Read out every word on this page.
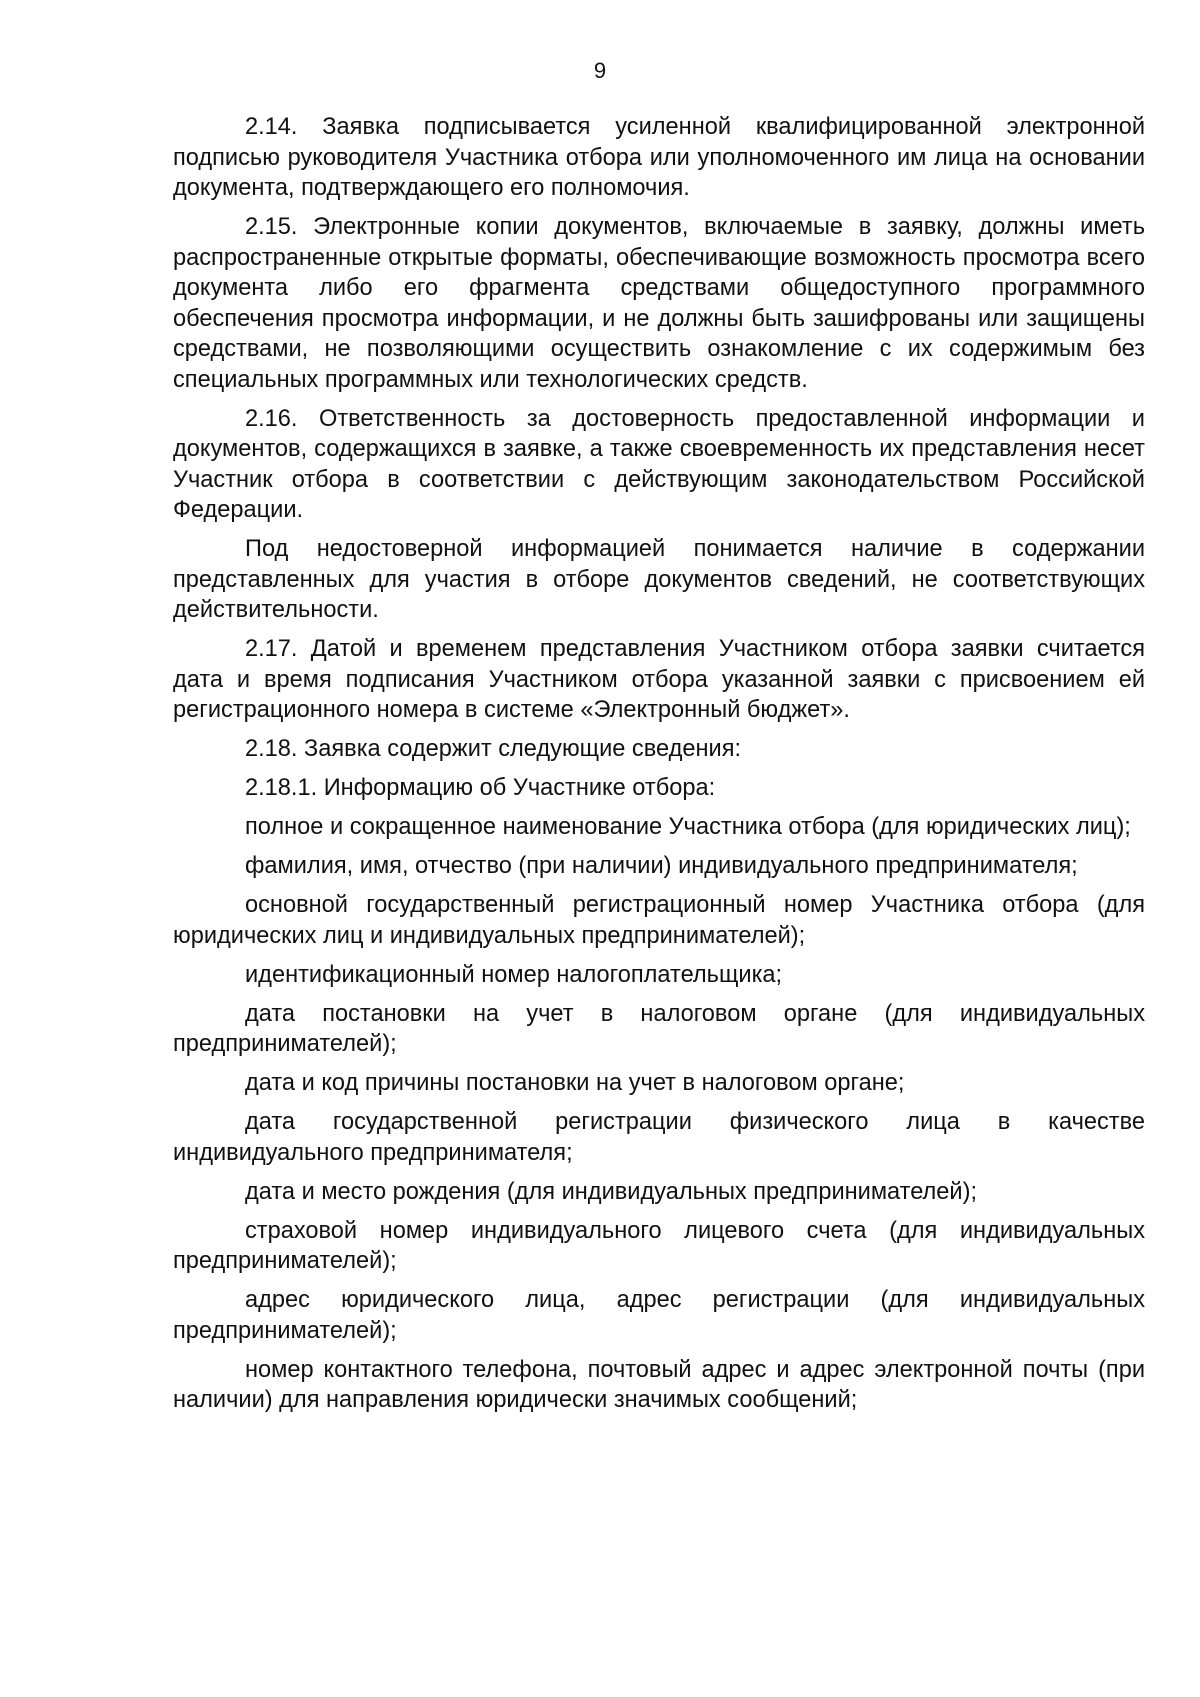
9

2.14. Заявка подписывается усиленной квалифицированной электронной подписью руководителя Участника отбора или уполномоченного им лица на основании документа, подтверждающего его полномочия.

2.15. Электронные копии документов, включаемые в заявку, должны иметь распространенные открытые форматы, обеспечивающие возможность просмотра всего документа либо его фрагмента средствами общедоступного программного обеспечения просмотра информации, и не должны быть зашифрованы или защищены средствами, не позволяющими осуществить ознакомление с их содержимым без специальных программных или технологических средств.

2.16. Ответственность за достоверность предоставленной информации и документов, содержащихся в заявке, а также своевременность их представления несет Участник отбора в соответствии с действующим законодательством Российской Федерации.

Под недостоверной информацией понимается наличие в содержании представленных для участия в отборе документов сведений, не соответствующих действительности.

2.17. Датой и временем представления Участником отбора заявки считается дата и время подписания Участником отбора указанной заявки с присвоением ей регистрационного номера в системе «Электронный бюджет».

2.18. Заявка содержит следующие сведения:

2.18.1. Информацию об Участнике отбора:

полное и сокращенное наименование Участника отбора (для юридических лиц);

фамилия, имя, отчество (при наличии) индивидуального предпринимателя;

основной государственный регистрационный номер Участника отбора (для юридических лиц и индивидуальных предпринимателей);

идентификационный номер налогоплательщика;

дата постановки на учет в налоговом органе (для индивидуальных предпринимателей);

дата и код причины постановки на учет в налоговом органе;

дата государственной регистрации физического лица в качестве индивидуального предпринимателя;

дата и место рождения (для индивидуальных предпринимателей);

страховой номер индивидуального лицевого счета (для индивидуальных предпринимателей);

адрес юридического лица, адрес регистрации (для индивидуальных предпринимателей);

номер контактного телефона, почтовый адрес и адрес электронной почты (при наличии) для направления юридически значимых сообщений;
